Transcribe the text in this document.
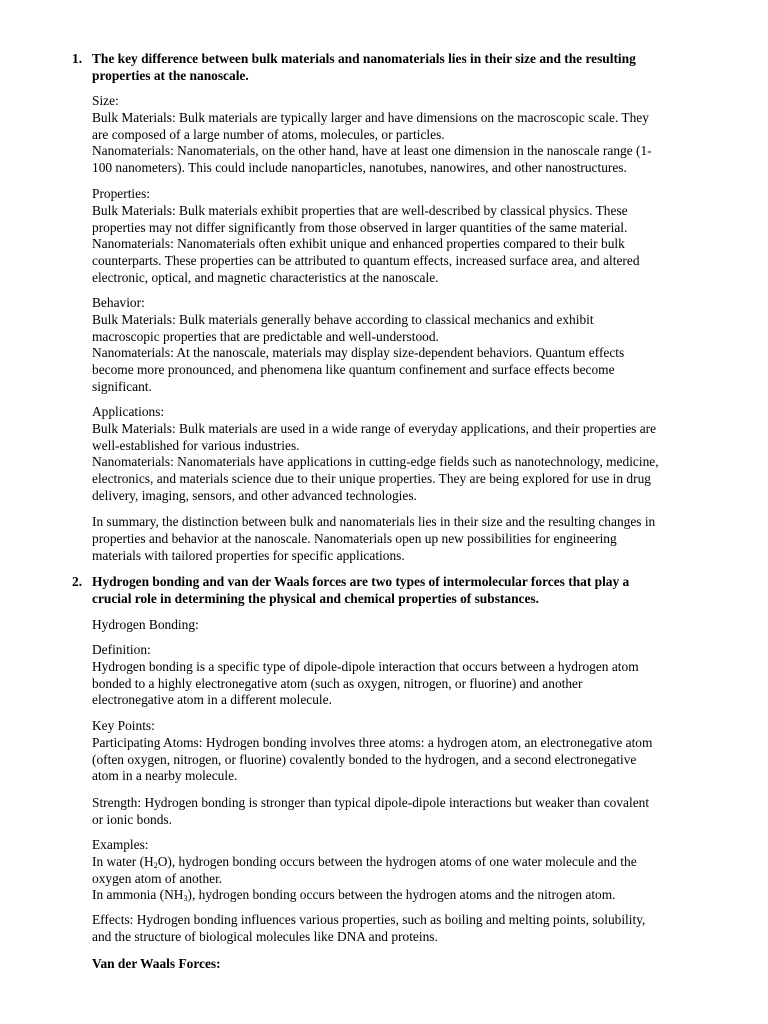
1. The key difference between bulk materials and nanomaterials lies in their size and the resulting
properties at the nanoscale.
Size:
Bulk Materials: Bulk materials are typically larger and have dimensions on the macroscopic scale. They
are composed of a large number of atoms, molecules, or particles.
Nanomaterials: Nanomaterials, on the other hand, have at least one dimension in the nanoscale range (1-
100 nanometers). This could include nanoparticles, nanotubes, nanowires, and other nanostructures.
Properties:
Bulk Materials: Bulk materials exhibit properties that are well-described by classical physics. These
properties may not differ significantly from those observed in larger quantities of the same material.
Nanomaterials: Nanomaterials often exhibit unique and enhanced properties compared to their bulk
counterparts. These properties can be attributed to quantum effects, increased surface area, and altered
electronic, optical, and magnetic characteristics at the nanoscale.
Behavior:
Bulk Materials: Bulk materials generally behave according to classical mechanics and exhibit
macroscopic properties that are predictable and well-understood.
Nanomaterials: At the nanoscale, materials may display size-dependent behaviors. Quantum effects
become more pronounced, and phenomena like quantum confinement and surface effects become
significant.
Applications:
Bulk Materials: Bulk materials are used in a wide range of everyday applications, and their properties are
well-established for various industries.
Nanomaterials: Nanomaterials have applications in cutting-edge fields such as nanotechnology, medicine,
electronics, and materials science due to their unique properties. They are being explored for use in drug
delivery, imaging, sensors, and other advanced technologies.
In summary, the distinction between bulk and nanomaterials lies in their size and the resulting changes in
properties and behavior at the nanoscale. Nanomaterials open up new possibilities for engineering
materials with tailored properties for specific applications.
2. Hydrogen bonding and van der Waals forces are two types of intermolecular forces that play a
crucial role in determining the physical and chemical properties of substances.
Hydrogen Bonding:
Definition:
Hydrogen bonding is a specific type of dipole-dipole interaction that occurs between a hydrogen atom
bonded to a highly electronegative atom (such as oxygen, nitrogen, or fluorine) and another
electronegative atom in a different molecule.
Key Points:
Participating Atoms: Hydrogen bonding involves three atoms: a hydrogen atom, an electronegative atom
(often oxygen, nitrogen, or fluorine) covalently bonded to the hydrogen, and a second electronegative
atom in a nearby molecule.
Strength: Hydrogen bonding is stronger than typical dipole-dipole interactions but weaker than covalent
or ionic bonds.
Examples:
In water $(H_2O)$, hydrogen bonding occurs between the hydrogen atoms of one water molecule and the
oxygen atom of another.
In ammonia $(NH_3)$, hydrogen bonding occurs between the hydrogen atoms and the nitrogen atom.
Effects: Hydrogen bonding influences various properties, such as boiling and melting points, solubility,
and the structure of biological molecules like DNA and proteins.
Van der Waals Forces:
